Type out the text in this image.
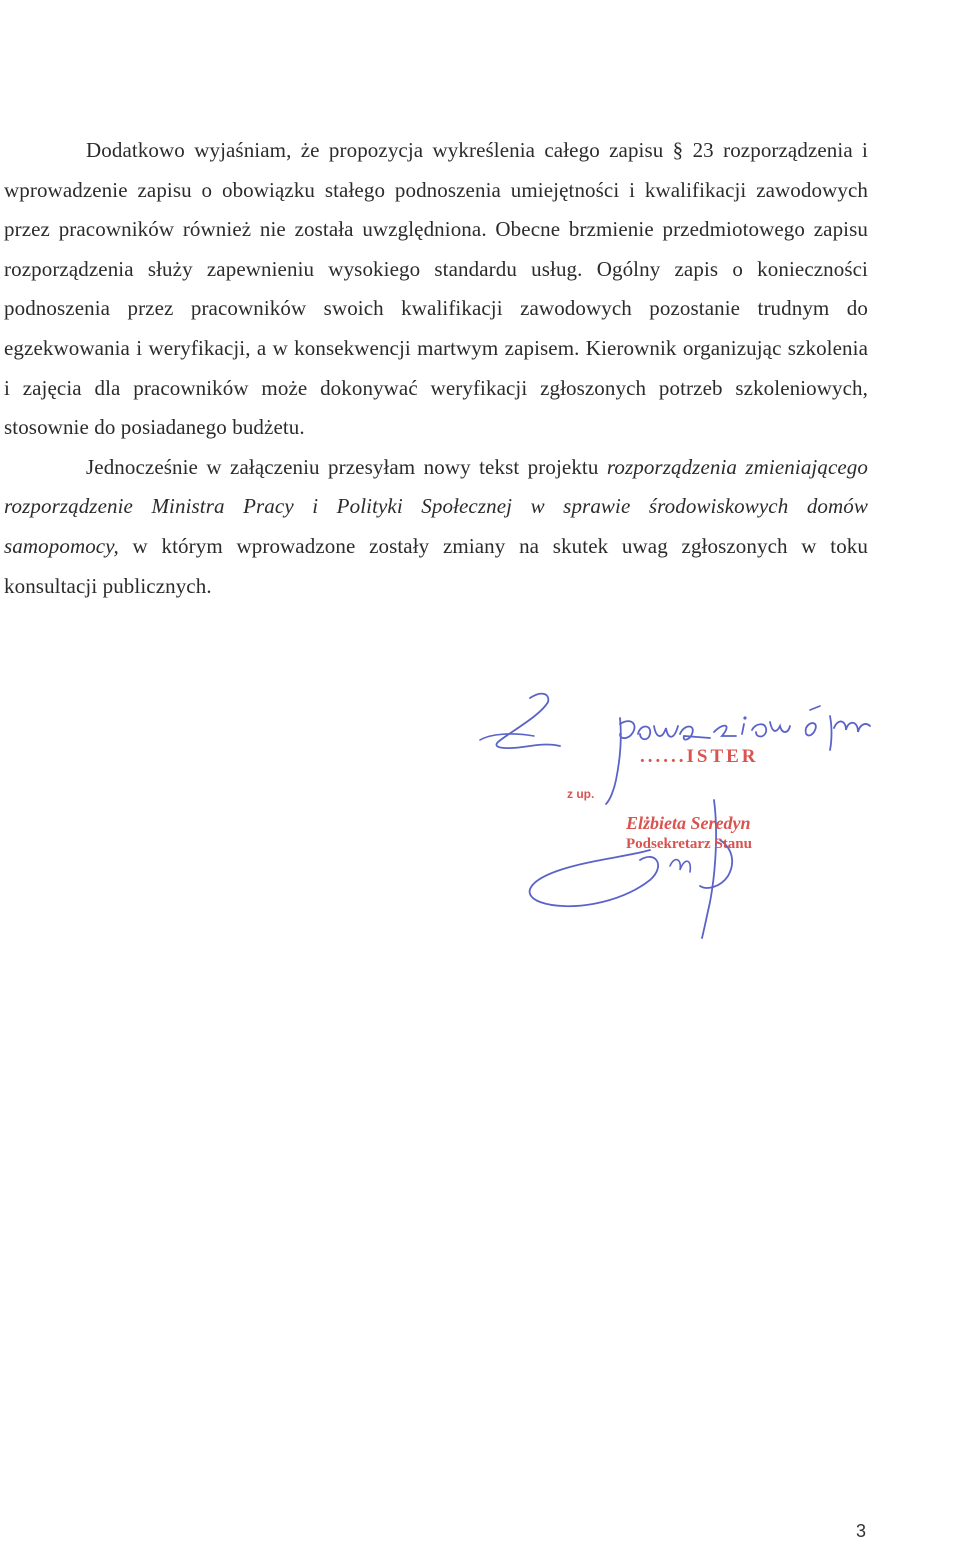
Dodatkowo wyjaśniam, że propozycja wykreślenia całego zapisu § 23 rozporządzenia i wprowadzenie zapisu o obowiązku stałego podnoszenia umiejętności i kwalifikacji zawodowych przez pracowników również nie została uwzględniona. Obecne brzmienie przedmiotowego zapisu rozporządzenia służy zapewnieniu wysokiego standardu usług. Ogólny zapis o konieczności podnoszenia przez pracowników swoich kwalifikacji zawodowych pozostanie trudnym do egzekwowania i weryfikacji, a w konsekwencji martwym zapisem. Kierownik organizując szkolenia i zajęcia dla pracowników może dokonywać weryfikacji zgłoszonych potrzeb szkoleniowych, stosownie do posiadanego budżetu.

Jednocześnie w załączeniu przesyłam nowy tekst projektu rozporządzenia zmieniającego rozporządzenie Ministra Pracy i Polityki Społecznej w sprawie środowiskowych domów samopomocy, w którym wprowadzone zostały zmiany na skutek uwag zgłoszonych w toku konsultacji publicznych.

......ISTER
z up.
Elżbieta Seredyn
Podsekretarz Stanu
3
